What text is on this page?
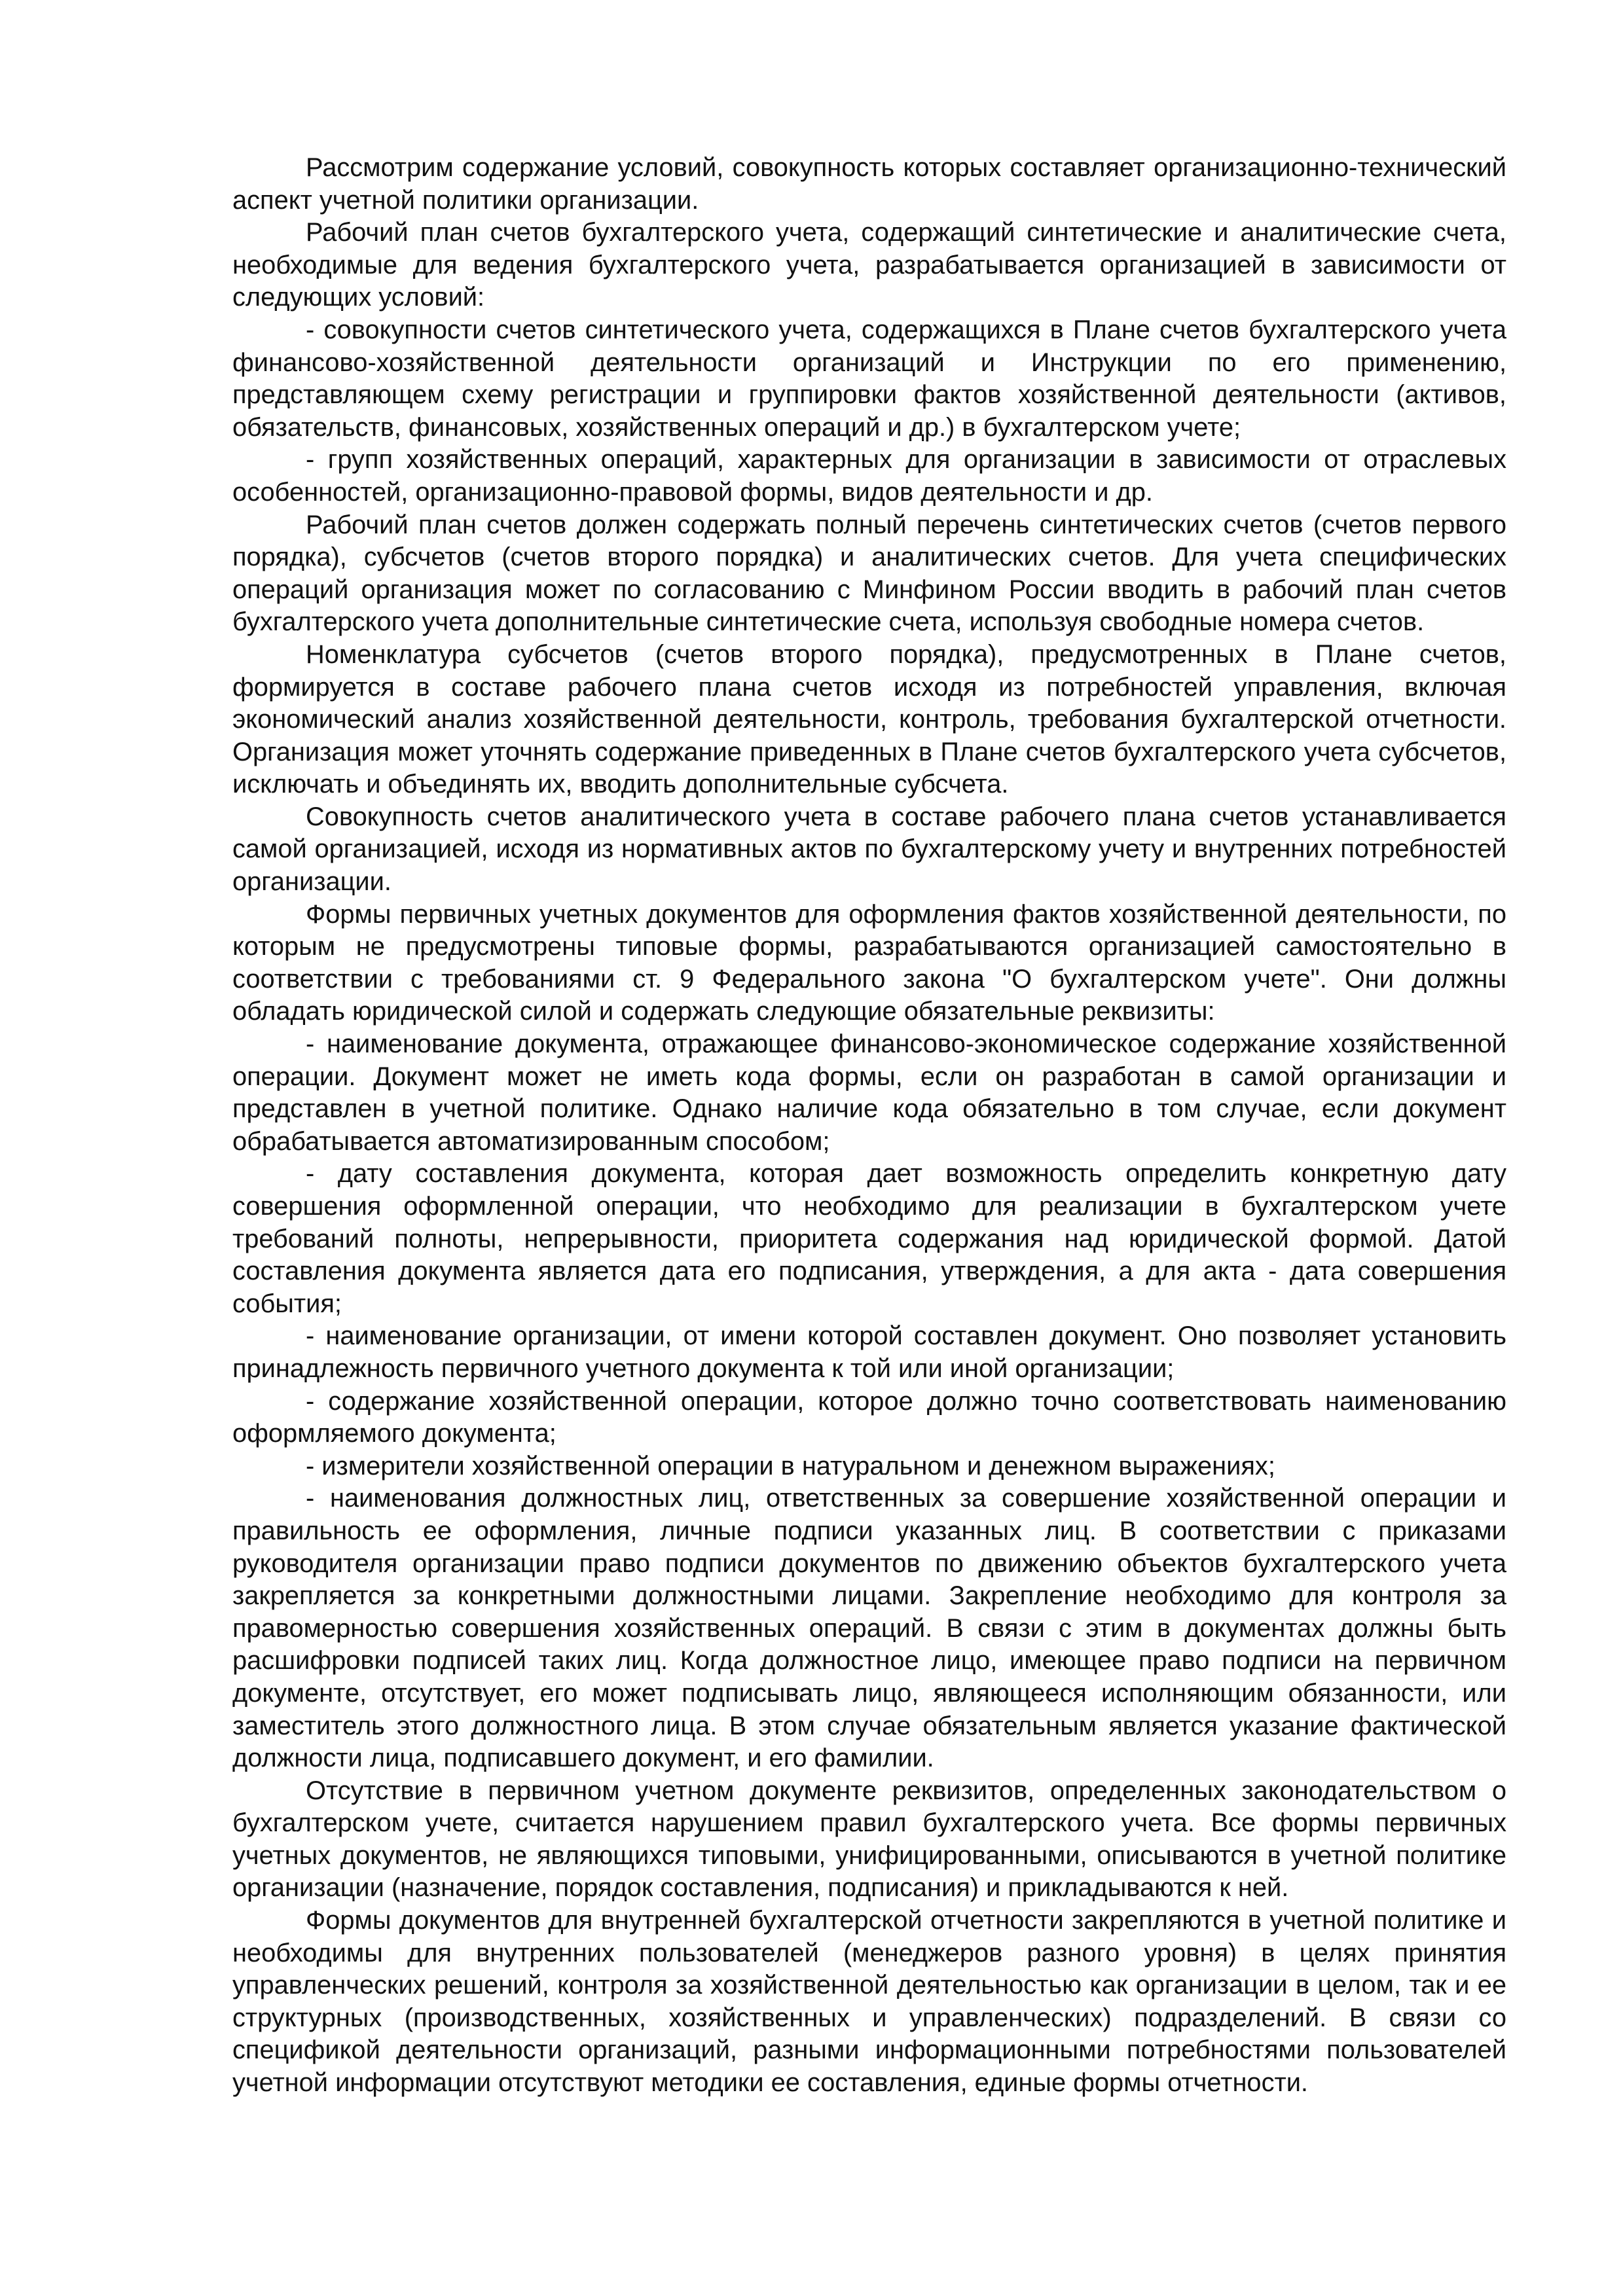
Рассмотрим содержание условий, совокупность которых составляет организационно-технический аспект учетной политики организации.

Рабочий план счетов бухгалтерского учета, содержащий синтетические и аналитические счета, необходимые для ведения бухгалтерского учета, разрабатывается организацией в зависимости от следующих условий:

- совокупности счетов синтетического учета, содержащихся в Плане счетов бухгалтерского учета финансово-хозяйственной деятельности организаций и Инструкции по его применению, представляющем схему регистрации и группировки фактов хозяйственной деятельности (активов, обязательств, финансовых, хозяйственных операций и др.) в бухгалтерском учете;

- групп хозяйственных операций, характерных для организации в зависимости от отраслевых особенностей, организационно-правовой формы, видов деятельности и др.

Рабочий план счетов должен содержать полный перечень синтетических счетов (счетов первого порядка), субсчетов (счетов второго порядка) и аналитических счетов. Для учета специфических операций организация может по согласованию с Минфином России вводить в рабочий план счетов бухгалтерского учета дополнительные синтетические счета, используя свободные номера счетов.

Номенклатура субсчетов (счетов второго порядка), предусмотренных в Плане счетов, формируется в составе рабочего плана счетов исходя из потребностей управления, включая экономический анализ хозяйственной деятельности, контроль, требования бухгалтерской отчетности. Организация может уточнять содержание приведенных в Плане счетов бухгалтерского учета субсчетов, исключать и объединять их, вводить дополнительные субсчета.

Совокупность счетов аналитического учета в составе рабочего плана счетов устанавливается самой организацией, исходя из нормативных актов по бухгалтерскому учету и внутренних потребностей организации.

Формы первичных учетных документов для оформления фактов хозяйственной деятельности, по которым не предусмотрены типовые формы, разрабатываются организацией самостоятельно в соответствии с требованиями ст. 9 Федерального закона "О бухгалтерском учете". Они должны обладать юридической силой и содержать следующие обязательные реквизиты:

- наименование документа, отражающее финансово-экономическое содержание хозяйственной операции. Документ может не иметь кода формы, если он разработан в самой организации и представлен в учетной политике. Однако наличие кода обязательно в том случае, если документ обрабатывается автоматизированным способом;

- дату составления документа, которая дает возможность определить конкретную дату совершения оформленной операции, что необходимо для реализации в бухгалтерском учете требований полноты, непрерывности, приоритета содержания над юридической формой. Датой составления документа является дата его подписания, утверждения, а для акта - дата совершения события;

- наименование организации, от имени которой составлен документ. Оно позволяет установить принадлежность первичного учетного документа к той или иной организации;

- содержание хозяйственной операции, которое должно точно соответствовать наименованию оформляемого документа;

- измерители хозяйственной операции в натуральном и денежном выражениях;

- наименования должностных лиц, ответственных за совершение хозяйственной операции и правильность ее оформления, личные подписи указанных лиц. В соответствии с приказами руководителя организации право подписи документов по движению объектов бухгалтерского учета закрепляется за конкретными должностными лицами. Закрепление необходимо для контроля за правомерностью совершения хозяйственных операций. В связи с этим в документах должны быть расшифровки подписей таких лиц. Когда должностное лицо, имеющее право подписи на первичном документе, отсутствует, его может подписывать лицо, являющееся исполняющим обязанности, или заместитель этого должностного лица. В этом случае обязательным является указание фактической должности лица, подписавшего документ, и его фамилии.

Отсутствие в первичном учетном документе реквизитов, определенных законодательством о бухгалтерском учете, считается нарушением правил бухгалтерского учета. Все формы первичных учетных документов, не являющихся типовыми, унифицированными, описываются в учетной политике организации (назначение, порядок составления, подписания) и прикладываются к ней.

Формы документов для внутренней бухгалтерской отчетности закрепляются в учетной политике и необходимы для внутренних пользователей (менеджеров разного уровня) в целях принятия управленческих решений, контроля за хозяйственной деятельностью как организации в целом, так и ее структурных (производственных, хозяйственных и управленческих) подразделений. В связи со спецификой деятельности организаций, разными информационными потребностями пользователей учетной информации отсутствуют методики ее составления, единые формы отчетности.
